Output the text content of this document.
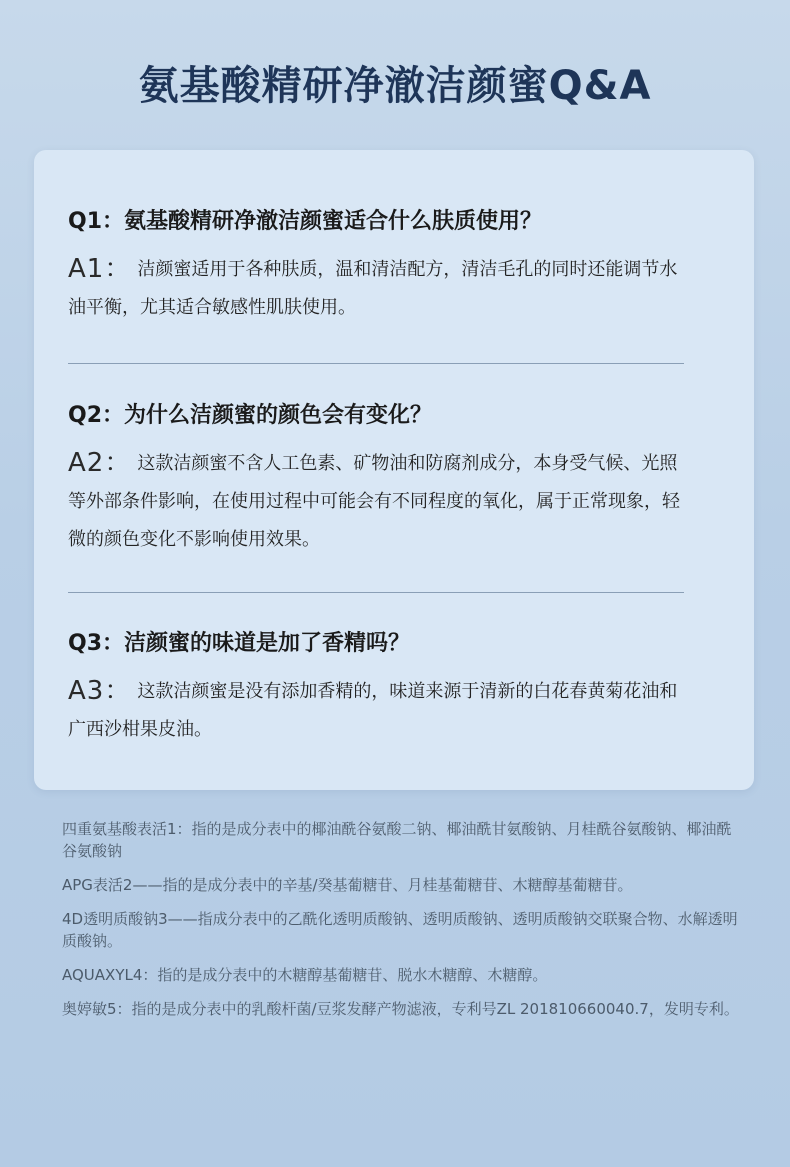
氨基酸精研净澈洁颜蜜Q&A

Q1：氨基酸精研净澈洁颜蜜适合什么肤质使用？

A1： 洁颜蜜适用于各种肤质，温和清洁配方，清洁毛孔的同时还能调节水油平衡，尤其适合敏感性肌肤使用。

Q2：为什么洁颜蜜的颜色会有变化？

A2： 这款洁颜蜜不含人工色素、矿物油和防腐剂成分，本身受气候、光照等外部条件影响，在使用过程中可能会有不同程度的氧化，属于正常现象，轻微的颜色变化不影响使用效果。

Q3：洁颜蜜的味道是加了香精吗？

A3： 这款洁颜蜜是没有添加香精的，味道来源于清新的白花春黄菊花油和广西沙柑果皮油。

四重氨基酸表活1：指的是成分表中的椰油酰谷氨酸二钠、椰油酰甘氨酸钠、月桂酰谷氨酸钠、椰油酰谷氨酸钠

APG表活2——指的是成分表中的辛基/癸基葡糖苷、月桂基葡糖苷、木糖醇基葡糖苷。

4D透明质酸钠3——指成分表中的乙酰化透明质酸钠、透明质酸钠、透明质酸钠交联聚合物、水解透明质酸钠。

AQUAXYL4：指的是成分表中的木糖醇基葡糖苷、脱水木糖醇、木糖醇。

奥婷敏5：指的是成分表中的乳酸杆菌/豆浆发酵产物滤液，专利号ZL 201810660040.7，发明专利。
